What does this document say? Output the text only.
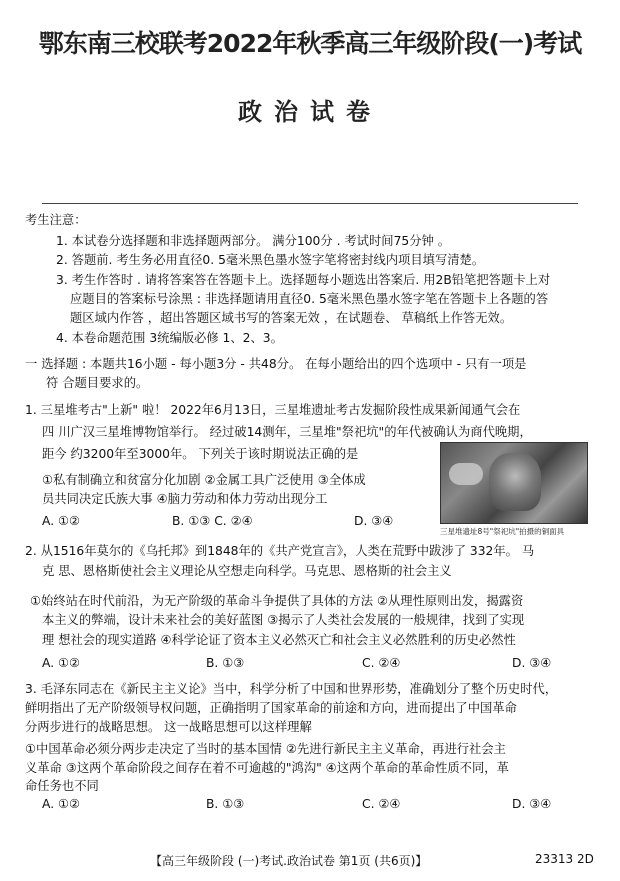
鄂东南三校联考2022年秋季高三年级阶段(一)考试
政治试卷
考生注意：
1. 本试卷分选择题和非选择题两部分。 满分100分 . 考试时间75分钟 。
2. 答题前. 考生务必用直径0. 5毫米黑色墨水签字笔将密封线内项目填写清楚。
3. 考生作答时 . 请将答案答在答题卡上。选择题每小题选出答案后. 用2B铅笔把答题卡上对
应题目的答案标号涂黑 : 非选择题请用直径0. 5毫米黑色墨水签字笔在答题卡上各题的答
题区域内作答 ，超出答题区域书写的答案无效 ，在试题卷、 草稿纸上作答无效。
4. 本卷命题范围 3统编版必修 1、2、3。
一 选择题 : 本题共16小题 - 每小题3分 - 共48分。 在每小题给出的四个选项中 - 只有一项是
符 合题目要求的。
1. 三星堆考古"上新" 啦！ 2022年6月13日，三星堆遗址考古发掘阶段性成果新闻通气会在
四 川广汉三星堆博物馆举行。 经过破14测年，三星堆"祭祀坑"的年代被确认为商代晚期，
距今 约3200年至3000年。 下列关于该时期说法正确的是
①私有制确立和贫富分化加剧 ②金属工具广泛使用 ③全体成
员共同决定氏族大事 ④脑力劳动和体力劳动出现分工
A. ①②	B. ①③ C. ②④	D. ③④
三星堆遗址8号"祭祀坑"拍摄的铜面具
2. 从1516年莫尔的《乌托邦》到1848年的《共产党宣言》，人类在荒野中跋涉了 332年。 马
克 思、恩格斯使社会主义理论从空想走向科学。马克思、恩格斯的社会主义
①始终站在时代前沿，为无产阶级的革命斗争提供了具体的方法 ②从理性原则出发，揭露资
本主义的弊端，设计未来社会的美好蓝图 ③揭示了人类社会发展的一般规律，找到了实现
理 想社会的现实道路 ④科学论证了资本主义必然灭亡和社会主义必然胜利的历史必然性
A. ①②	B. ①③	C. ②④	D. ③④
3. 毛泽东同志在《新民主主义论》当中，科学分析了中国和世界形势，准确划分了整个历史时代，
鲜明指出了无产阶级领导权问题，正确指明了国家革命的前途和方向，进而提出了中国革命
分两步进行的战略思想。 这一战略思想可以这样理解
①中国革命必须分两步走决定了当时的基本国情 ②先进行新民主主义革命，再进行社会主
义革命 ③这两个革命阶段之间存在着不可逾越的"鸿沟" ④这两个革命的革命性质不同，革
命任务也不同
A. ①②	B. ①③	C. ②④	D. ③④
【高三年级阶段 (一)考试.政治试卷 第1页 (共6页)】	23313 2D
